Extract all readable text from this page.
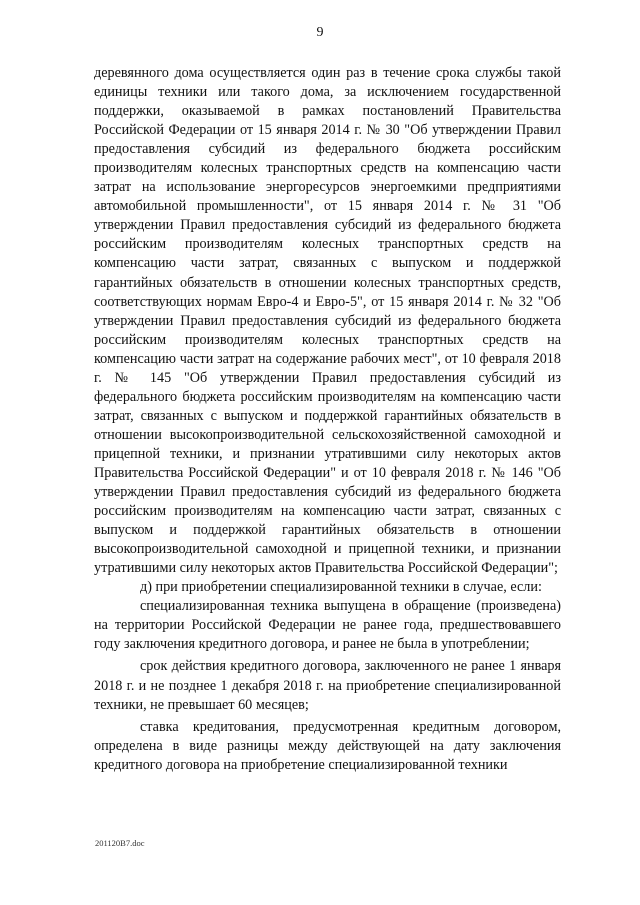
9

деревянного дома осуществляется один раз в течение срока службы такой единицы техники или такого дома, за исключением государственной поддержки, оказываемой в рамках постановлений Правительства Российской Федерации от 15 января 2014 г. № 30 "Об утверждении Правил предоставления субсидий из федерального бюджета российским производителям колесных транспортных средств на компенсацию части затрат на использование энергоресурсов энергоемкими предприятиями автомобильной промышленности", от 15 января 2014 г. № 31 "Об утверждении Правил предоставления субсидий из федерального бюджета российским производителям колесных транспортных средств на компенсацию части затрат, связанных с выпуском и поддержкой гарантийных обязательств в отношении колесных транспортных средств, соответствующих нормам Евро-4 и Евро-5", от 15 января 2014 г. № 32 "Об утверждении Правил предоставления субсидий из федерального бюджета российским производителям колесных транспортных средств на компенсацию части затрат на содержание рабочих мест", от 10 февраля 2018 г. № 145 "Об утверждении Правил предоставления субсидий из федерального бюджета российским производителям на компенсацию части затрат, связанных с выпуском и поддержкой гарантийных обязательств в отношении высокопроизводительной сельскохозяйственной самоходной и прицепной техники, и признании утратившими силу некоторых актов Правительства Российской Федерации" и от 10 февраля 2018 г. № 146 "Об утверждении Правил предоставления субсидий из федерального бюджета российским производителям на компенсацию части затрат, связанных с выпуском и поддержкой гарантийных обязательств в отношении высокопроизводительной самоходной и прицепной техники, и признании утратившими силу некоторых актов Правительства Российской Федерации";

д) при приобретении специализированной техники в случае, если:

специализированная техника выпущена в обращение (произведена) на территории Российской Федерации не ранее года, предшествовавшего году заключения кредитного договора, и ранее не была в употреблении;

срок действия кредитного договора, заключенного не ранее 1 января 2018 г. и не позднее 1 декабря 2018 г. на приобретение специализированной техники, не превышает 60 месяцев;

ставка кредитования, предусмотренная кредитным договором, определена в виде разницы между действующей на дату заключения кредитного договора на приобретение специализированной техники

201120В7.doc
